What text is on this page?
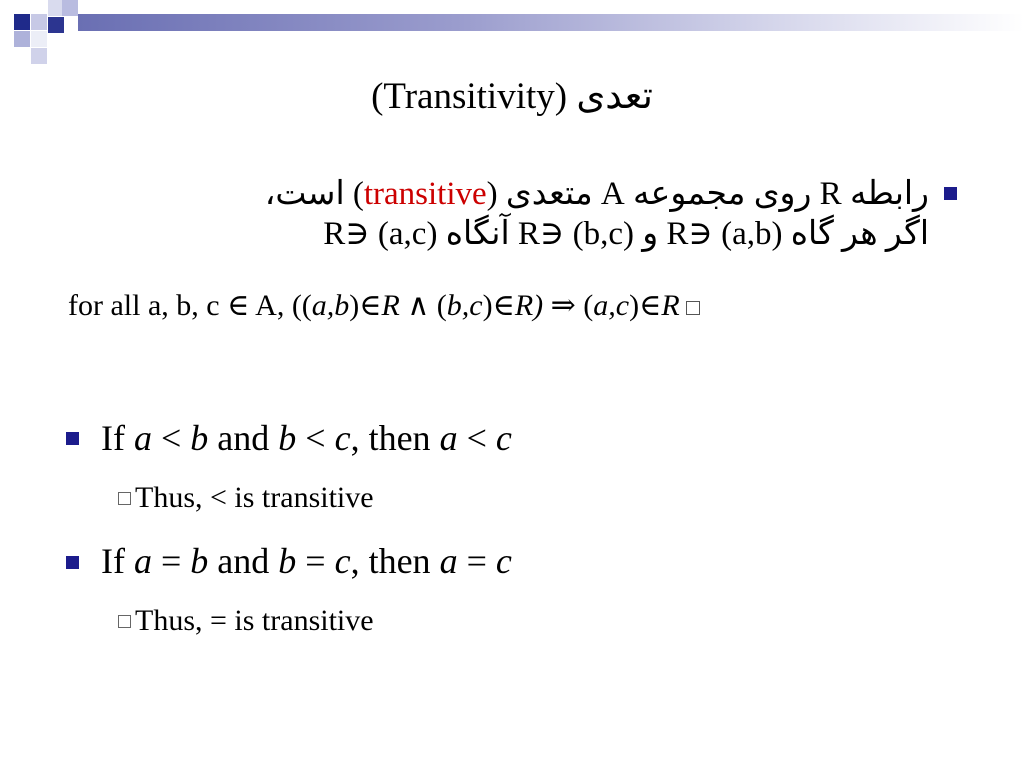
(Transitivity) تعدی
رابطه R روی مجموعه A متعدی (transitive) است،
اگر هر گاه (a,b) ∈R و (b,c) ∈R آنگاه (a,c) ∈R
for all a, b, c ∈ A, ((a,b)∈R ∧ (b,c)∈R) ⇒ (a,c)∈R
If a < b and b < c, then a < c
Thus, < is transitive
If a = b and b = c, then a = c
Thus, = is transitive
